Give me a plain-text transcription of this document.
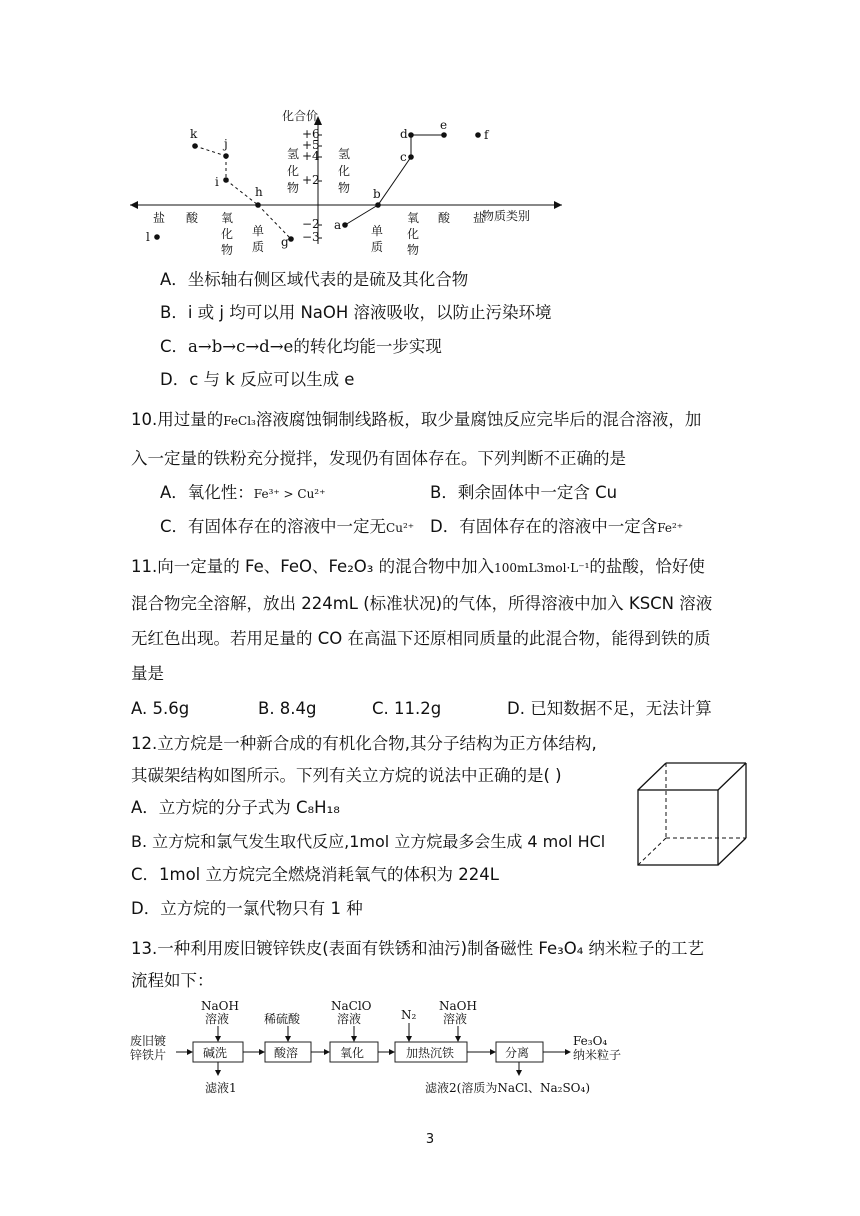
化合价
物质类别
+6
+5
+4
+2
−2
−3
氢化物
氢化物
盐 酸 氧化物
单质
单质
氧化物
酸 盐
k
j
i
h
g
l
a
b
c
d
e
f
A．坐标轴右侧区域代表的是硫及其化合物
B．i 或 j 均可以用 NaOH 溶液吸收，以防止污染环境
C．a→b→c→d→e的转化均能一步实现
D．c 与 k 反应可以生成 e
10.用过量的FeCl₃溶液腐蚀铜制线路板，取少量腐蚀反应完毕后的混合溶液，加
入一定量的铁粉充分搅拌，发现仍有固体存在。下列判断不正确的是
A．氧化性：Fe³⁺ > Cu²⁺	B．剩余固体中一定含 Cu
C．有固体存在的溶液中一定无Cu²⁺ D．有固体存在的溶液中一定含Fe²⁺
11.向一定量的 Fe、FeO、Fe₂O₃ 的混合物中加入100mL3mol·L⁻¹的盐酸，恰好使
混合物完全溶解，放出 224mL (标准状况)的气体，所得溶液中加入 KSCN 溶液
无红色出现。若用足量的 CO 在高温下还原相同质量的此混合物，能得到铁的质
量是
A. 5.6g	B. 8.4g	C. 11.2g	D. 已知数据不足，无法计算
12.立方烷是一种新合成的有机化合物,其分子结构为正方体结构,
其碳架结构如图所示。下列有关立方烷的说法中正确的是( )
A．立方烷的分子式为 C₈H₁₈
B. 立方烷和氯气发生取代反应,1mol 立方烷最多会生成 4 mol HCl
C．1mol 立方烷完全燃烧消耗氧气的体积为 224L
D．立方烷的一氯代物只有 1 种
13.一种利用废旧镀锌铁皮(表面有铁锈和油污)制备磁性 Fe₃O₄ 纳米粒子的工艺
流程如下：
废旧镀锌铁片	碱洗	酸溶	氧化	加热沉铁	分离
Fe₃O₄ 纳米粒子
NaOH 溶液	稀硫酸
NaClO 溶液	N₂
NaOH 溶液
滤液1	滤液2(溶质为NaCl、Na₂SO₄)
3
